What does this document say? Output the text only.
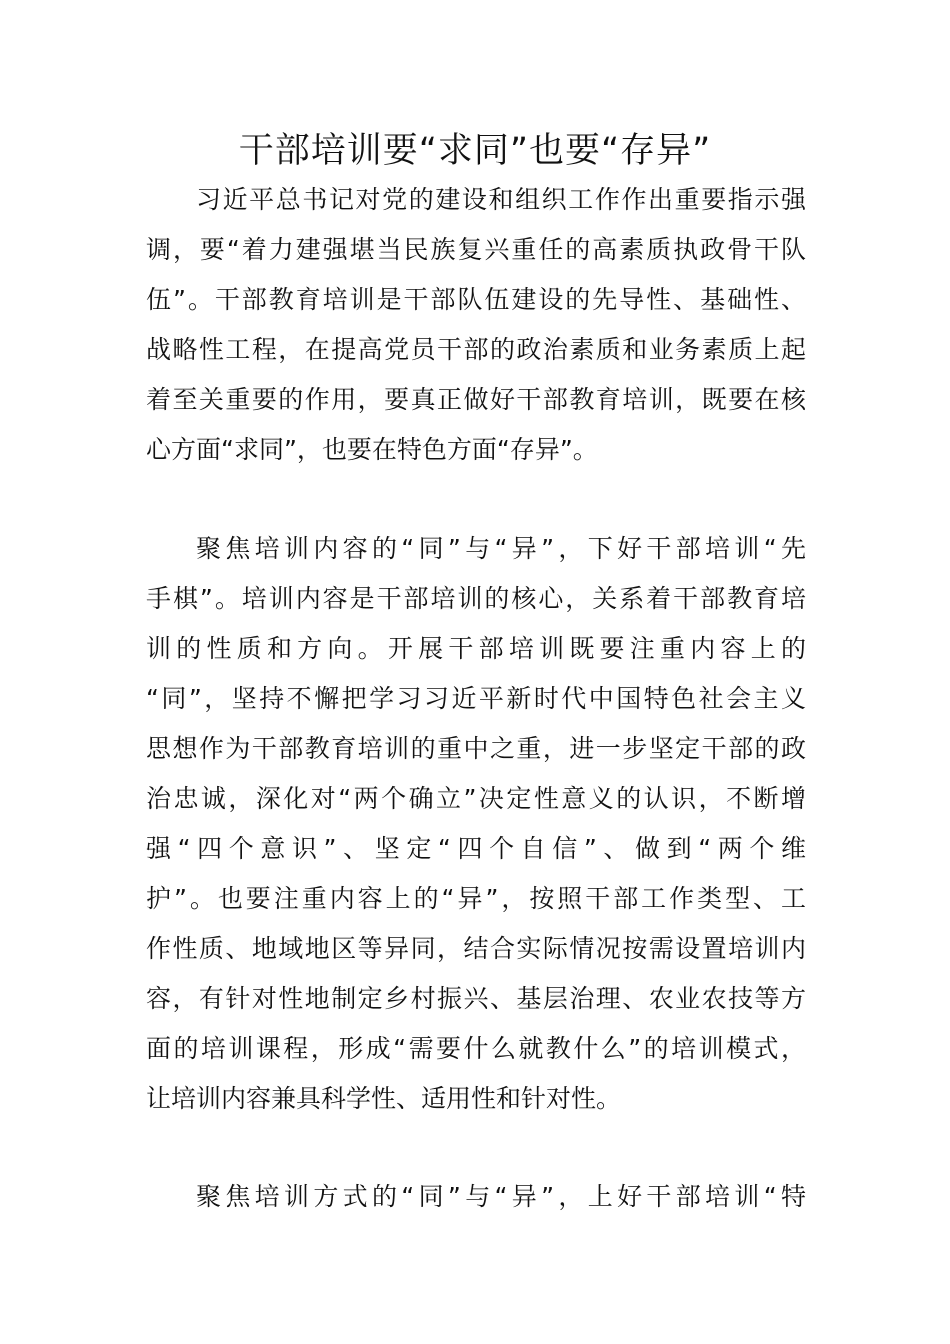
干部培训要“求同”也要“存异”
习近平总书记对党的建设和组织工作作出重要指示强
调，要“着力建强堪当民族复兴重任的高素质执政骨干队
伍”。干部教育培训是干部队伍建设的先导性、基础性、
战略性工程，在提高党员干部的政治素质和业务素质上起
着至关重要的作用，要真正做好干部教育培训，既要在核
心方面“求同”，也要在特色方面“存异”。
聚焦培训内容的“同”与“异”，下好干部培训“先
手棋”。培训内容是干部培训的核心，关系着干部教育培
训的性质和方向。开展干部培训既要注重内容上的
“同”，坚持不懈把学习习近平新时代中国特色社会主义
思想作为干部教育培训的重中之重，进一步坚定干部的政
治忠诚，深化对“两个确立”决定性意义的认识，不断增
强“四个意识”、坚定“四个自信”、做到“两个维
护”。也要注重内容上的“异”，按照干部工作类型、工
作性质、地域地区等异同，结合实际情况按需设置培训内
容，有针对性地制定乡村振兴、基层治理、农业农技等方
面的培训课程，形成“需要什么就教什么”的培训模式，
让培训内容兼具科学性、适用性和针对性。
聚焦培训方式的“同”与“异”，上好干部培训“特
